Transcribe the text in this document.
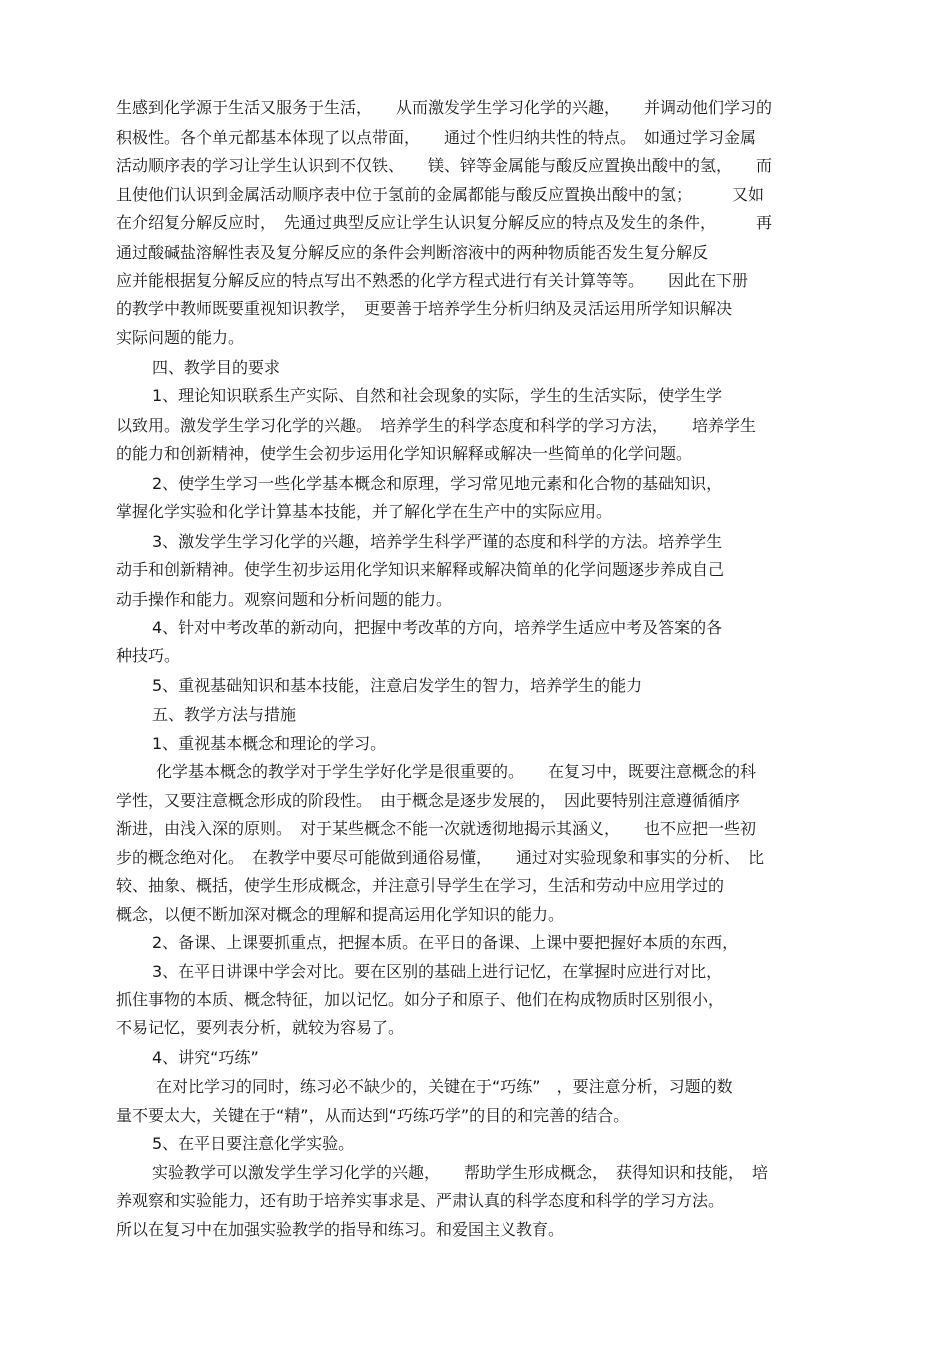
生感到化学源于生活又服务于生活，　　从而激发学生学习化学的兴趣，　　并调动他们学习的
积极性。各个单元都基本体现了以点带面，　　通过个性归纳共性的特点。　如通过学习金属
活动顺序表的学习让学生认识到不仅铁、　　镁、锌等金属能与酸反应置换出酸中的氢，　　而
且使他们认识到金属活动顺序表中位于氢前的金属都能与酸反应置换出酸中的氢；　　　又如
在介绍复分解反应时，　先通过典型反应让学生认识复分解反应的特点及发生的条件，　　　再
通过酸碱盐溶解性表及复分解反应的条件会判断溶液中的两种物质能否发生复分解反
应并能根据复分解反应的特点写出不熟悉的化学方程式进行有关计算等等。　　因此在下册
的教学中教师既要重视知识教学，　更要善于培养学生分析归纳及灵活运用所学知识解决
实际问题的能力。
四、教学目的要求
1、理论知识联系生产实际、自然和社会现象的实际，学生的生活实际，使学生学
以致用。激发学生学习化学的兴趣。　培养学生的科学态度和科学的学习方法，　　培养学生
的能力和创新精神，使学生会初步运用化学知识解释或解决一些简单的化学问题。
2、使学生学习一些化学基本概念和原理，学习常见地元素和化合物的基础知识，
掌握化学实验和化学计算基本技能，并了解化学在生产中的实际应用。
3、激发学生学习化学的兴趣，培养学生科学严谨的态度和科学的方法。培养学生
动手和创新精神。使学生初步运用化学知识来解释或解决简单的化学问题逐步养成自己
动手操作和能力。观察问题和分析问题的能力。
4、针对中考改革的新动向，把握中考改革的方向，培养学生适应中考及答案的各
种技巧。
5、重视基础知识和基本技能，注意启发学生的智力，培养学生的能力
五、教学方法与措施
1、重视基本概念和理论的学习。
化学基本概念的教学对于学生学好化学是很重要的。　　在复习中，既要注意概念的科
学性，又要注意概念形成的阶段性。　由于概念是逐步发展的，　因此要特别注意遵循循序
渐进，由浅入深的原则。　对于某些概念不能一次就透彻地揭示其涵义，　　也不应把一些初
步的概念绝对化。　在教学中要尽可能做到通俗易懂，　　通过对实验现象和事实的分析、　比
较、抽象、概括，使学生形成概念，并注意引导学生在学习，生活和劳动中应用学过的
概念，以便不断加深对概念的理解和提高运用化学知识的能力。
2、备课、上课要抓重点，把握本质。在平日的备课、上课中要把握好本质的东西，
3、在平日讲课中学会对比。要在区别的基础上进行记忆，在掌握时应进行对比，
抓住事物的本质、概念特征，加以记忆。如分子和原子、他们在构成物质时区别很小，
不易记忆，要列表分析，就较为容易了。
4、讲究“巧练”
在对比学习的同时，练习必不缺少的，关键在于“巧练”　，要注意分析，习题的数
量不要太大，关键在于“精”，从而达到“巧练巧学”的目的和完善的结合。
5、在平日要注意化学实验。
实验教学可以激发学生学习化学的兴趣，　　帮助学生形成概念，　获得知识和技能，　培
养观察和实验能力，还有助于培养实事求是、严肃认真的科学态度和科学的学习方法。
所以在复习中在加强实验教学的指导和练习。和爱国主义教育。
